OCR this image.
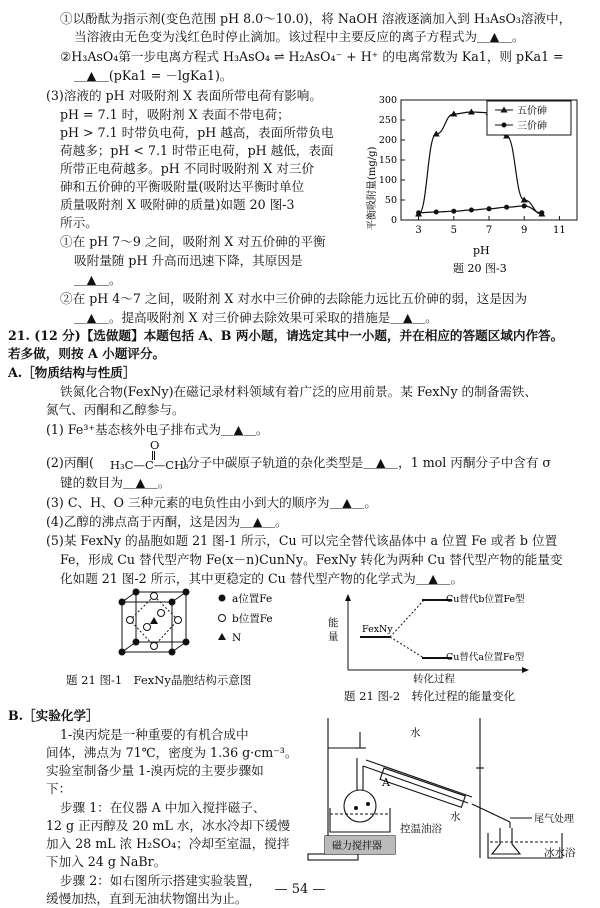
①以酚酞为指示剂(变色范围 pH 8.0～10.0)，将 NaOH 溶液逐滴加入到 H₃AsO₃溶液中，
当溶液由无色变为浅红色时停止滴加。该过程中主要反应的离子方程式为＿▲＿。
②H₃AsO₄第一步电离方程式 H₃AsO₄ ⇌ H₂AsO₄⁻ + H⁺ 的电离常数为 Ka1，则 pKa1 =
＿▲＿(pKa1 = －lgKa1)。
(3)溶液的 pH 对吸附剂 X 表面所带电荷有影响。
pH = 7.1 时，吸附剂 X 表面不带电荷；
pH > 7.1 时带负电荷，pH 越高，表面所带负电
荷越多；pH < 7.1 时带正电荷，pH 越低，表面
所带正电荷越多。pH 不同时吸附剂 X 对三价
砷和五价砷的平衡吸附量(吸附达平衡时单位
质量吸附剂 X 吸附砷的质量)如题 20 图-3
所示。
①在 pH 7～9 之间，吸附剂 X 对五价砷的平衡
吸附量随 pH 升高而迅速下降，其原因是
＿▲＿。
②在 pH 4～7 之间，吸附剂 X 对水中三价砷的去除能力远比五价砷的弱，这是因为
＿▲＿。提高吸附剂 X 对三价砷去除效果可采取的措施是＿▲＿。
0
50
100
150
200
250
300
3	5	7	9	11
五价砷
三价砷
平衡吸附量(mg/g)
pH
题 20 图-3
21. (12 分)【选做题】本题包括 A、B 两小题，请选定其中一小题，并在相应的答题区域内作答。
若多做，则按 A 小题评分。
A.［物质结构与性质］
铁氮化合物(FexNy)在磁记录材料领域有着广泛的应用前景。某 FexNy 的制备需铁、
氮气、丙酮和乙醇参与。
(1) Fe³⁺基态核外电子排布式为＿▲＿。
(2)丙酮(
O
H₃C—C—CH₃
)分子中碳原子轨道的杂化类型是＿▲＿，1 mol 丙酮分子中含有 σ
键的数目为＿▲＿。
(3) C、H、O 三种元素的电负性由小到大的顺序为＿▲＿。
(4)乙醇的沸点高于丙酮，这是因为＿▲＿。
(5)某 FexNy 的晶胞如题 21 图-1 所示，Cu 可以完全替代该晶体中 a 位置 Fe 或者 b 位置
Fe，形成 Cu 替代型产物 Fe(x－n)CunNy。FexNy 转化为两种 Cu 替代型产物的能量变
化如题 21 图-2 所示，其中更稳定的 Cu 替代型产物的化学式为＿▲＿。
a位置Fe
b位置Fe
N
题 21 图-1　FexNy晶胞结构示意图
能
量
FexNy
Cu替代b位置Fe型
Cu替代a位置Fe型
转化过程
题 21 图-2　转化过程的能量变化
B.［实验化学］
1-溴丙烷是一种重要的有机合成中
间体，沸点为 71℃，密度为 1.36 g·cm⁻³。
实验室制备少量 1-溴丙烷的主要步骤如
下：
步骤 1：在仪器 A 中加入搅拌磁子、
12 g 正丙醇及 20 mL 水，冰水冷却下缓慢
加入 28 mL 浓 H₂SO₄；冷却至室温，搅拌
下加入 24 g NaBr。
步骤 2：如右图所示搭建实验装置，
缓慢加热，直到无油状物馏出为止。
A
水
水
控温油浴
磁力搅拌器
尾气处理
冰水浴
— 54 —
